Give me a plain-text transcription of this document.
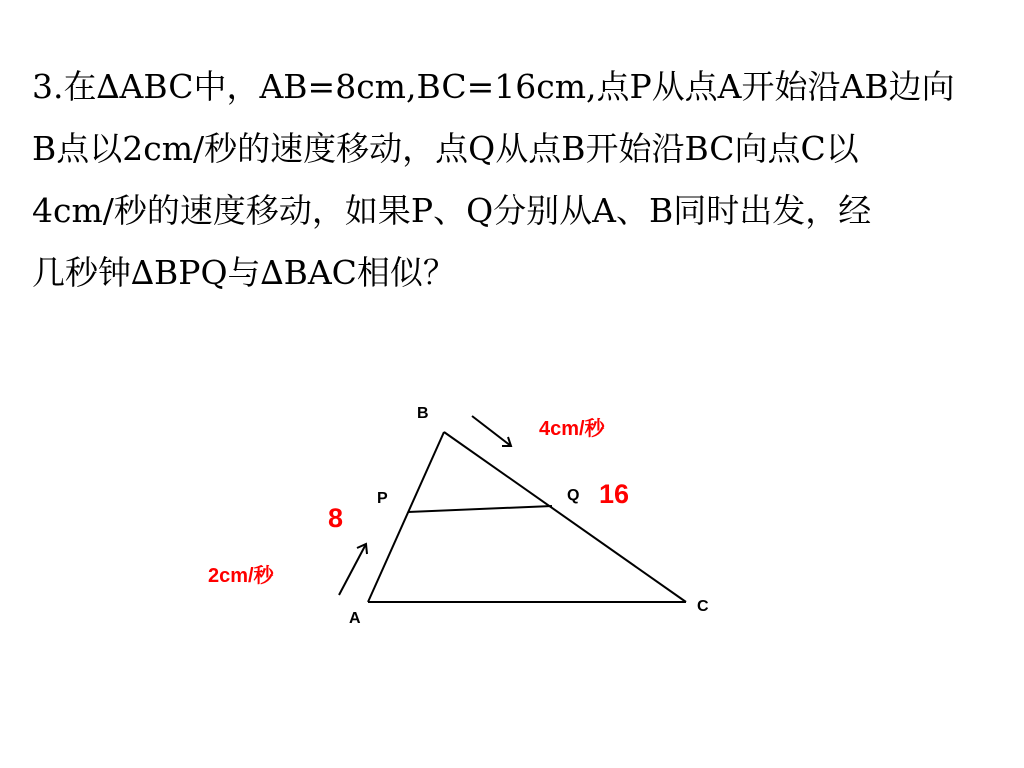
3.在∆ABC中，AB=8cm,BC=16cm,点P从点A开始沿AB边向
B点以2cm/秒的速度移动，点Q从点B开始沿BC向点C以
4cm/秒的速度移动，如果P、Q分别从A、B同时出发，经
几秒钟∆BPQ与∆BAC相似？
B
P	Q
A
C
8
16
2cm/秒
4cm/秒
